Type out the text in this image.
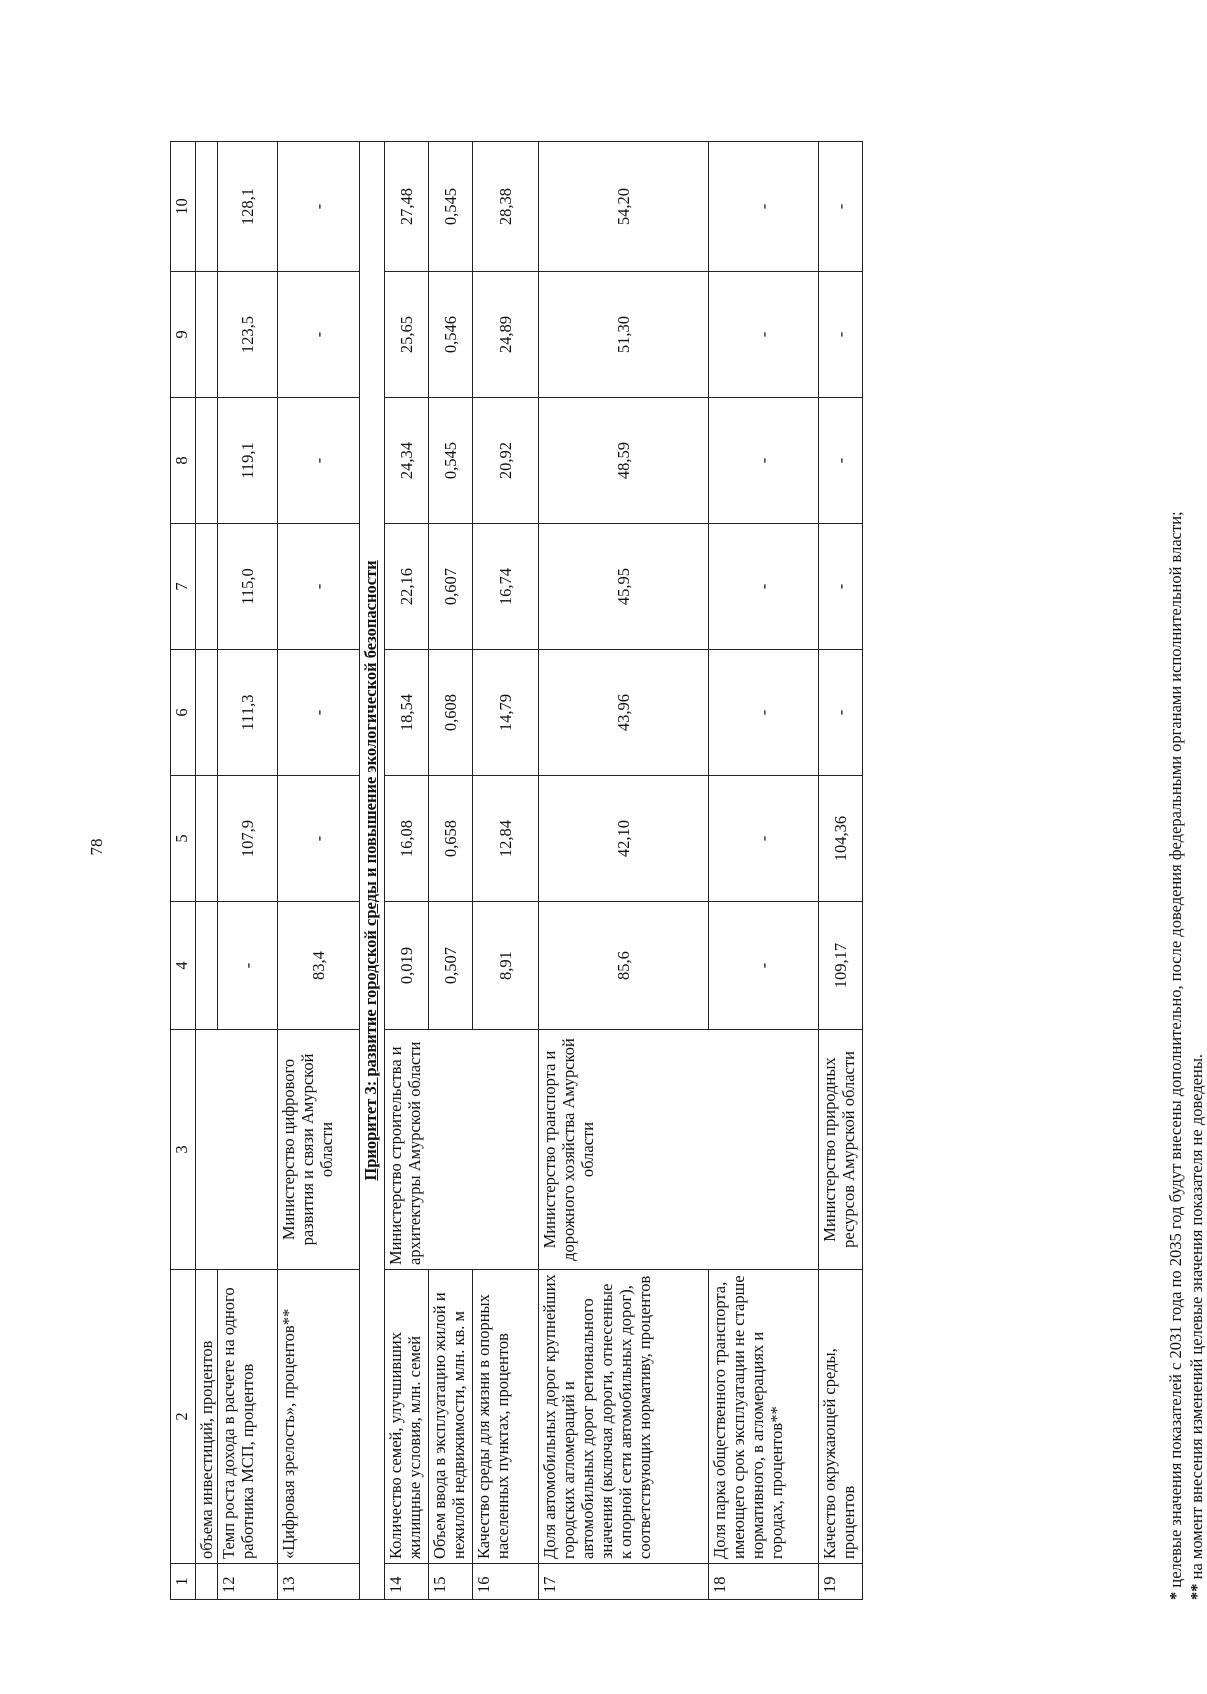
78
1	2	3	4	5	6	7	8	9	10
	объема инвестиций, процентов								
12	Темп роста дохода в расчете на одного работника МСП, процентов		-	107,9	111,3	115,0	119,1	123,5	128,1
13	«Цифровая зрелость», процентов**	Министерство цифрового развития и связи Амурской области	83,4	-	-	-	-	-	-
Приоритет 3: развитие городской среды и повышение экологической безопасности									
14	Количество семей, улучшивших жилищные условия, млн. семей	Министерство строительства и архитектуры Амурской области	0,019	16,08	18,54	22,16	24,34	25,65	27,48
15	Объем ввода в эксплуатацию жилой и нежилой недвижимости, млн. кв. м		0,507	0,658	0,608	0,607	0,545	0,546	0,545
16	Качество среды для жизни в опорных населенных пунктах, процентов		8,91	12,84	14,79	16,74	20,92	24,89	28,38
17	Доля автомобильных дорог крупнейших городских агломераций и автомобильных дорог регионального значения (включая дороги, отнесенные к опорной сети автомобильных дорог), соответствующих нормативу, процентов	Министерство транспорта и дорожного хозяйства Амурской области	85,6	42,10	43,96	45,95	48,59	51,30	54,20
18	Доля парка общественного транспорта, имеющего срок эксплуатации не старше нормативного, в агломерациях и городах, процентов**		-	-	-	-	-	-	-
19	Качество окружающей среды, процентов	Министерство природных ресурсов Амурской области	109,17	104,36	-	-	-	-	-
* целевые значения показателей с 2031 года по 2035 год будут внесены дополнительно, после доведения федеральными органами исполнительной власти;
** на момент внесения изменений целевые значения показателя не доведены.
